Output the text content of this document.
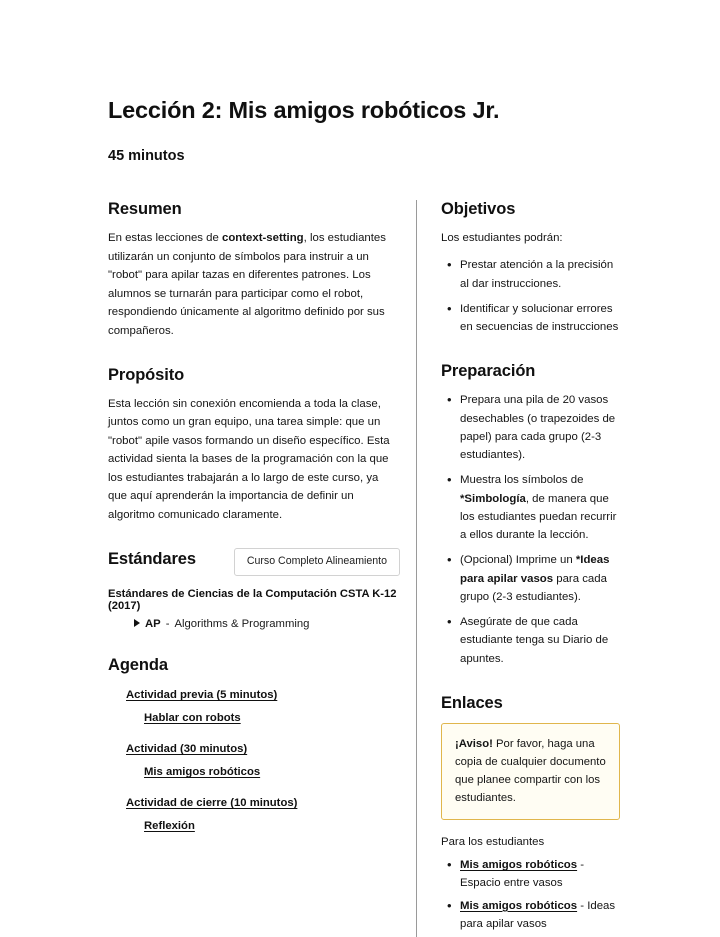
Lección 2: Mis amigos robóticos Jr.
45 minutos
Resumen

En estas lecciones de context-setting, los estudiantes utilizarán un conjunto de símbolos para instruir a un "robot" para apilar tazas en diferentes patrones. Los alumnos se turnarán para participar como el robot, respondiendo únicamente al algoritmo definido por sus compañeros.

Propósito

Esta lección sin conexión encomienda a toda la clase, juntos como un gran equipo, una tarea simple: que un "robot" apile vasos formando un diseño específico. Esta actividad sienta la bases de la programación con la que los estudiantes trabajarán a lo largo de este curso, ya que aquí aprenderán la importancia de definir un algoritmo comunicado claramente.

Estándares	Curso Completo Alineamiento
Estándares de Ciencias de la Computación CSTA K-12 (2017)
AP - Algorithms & Programming
Agenda
Actividad previa (5 minutos)
Hablar con robots
Actividad (30 minutos)
Mis amigos robóticos
Actividad de cierre (10 minutos)
Reflexión
Objetivos

Los estudiantes podrán:

• Prestar atención a la precisión al dar instrucciones.
• Identificar y solucionar errores en secuencias de instrucciones
Preparación
• Prepara una pila de 20 vasos desechables (o trapezoides de papel) para cada grupo (2-3 estudiantes).
• Muestra los símbolos de *Simbología, de manera que los estudiantes puedan recurrir a ellos durante la lección.
• (Opcional) Imprime un *Ideas para apilar vasos para cada grupo (2-3 estudiantes).
• Asegúrate de que cada estudiante tenga su Diario de apuntes.
Enlaces

¡Aviso! Por favor, haga una copia de cualquier documento que planee compartir con los estudiantes.

Para los estudiantes

• Mis amigos robóticos - Espacio entre vasos
• Mis amigos robóticos - Ideas para apilar vasos
